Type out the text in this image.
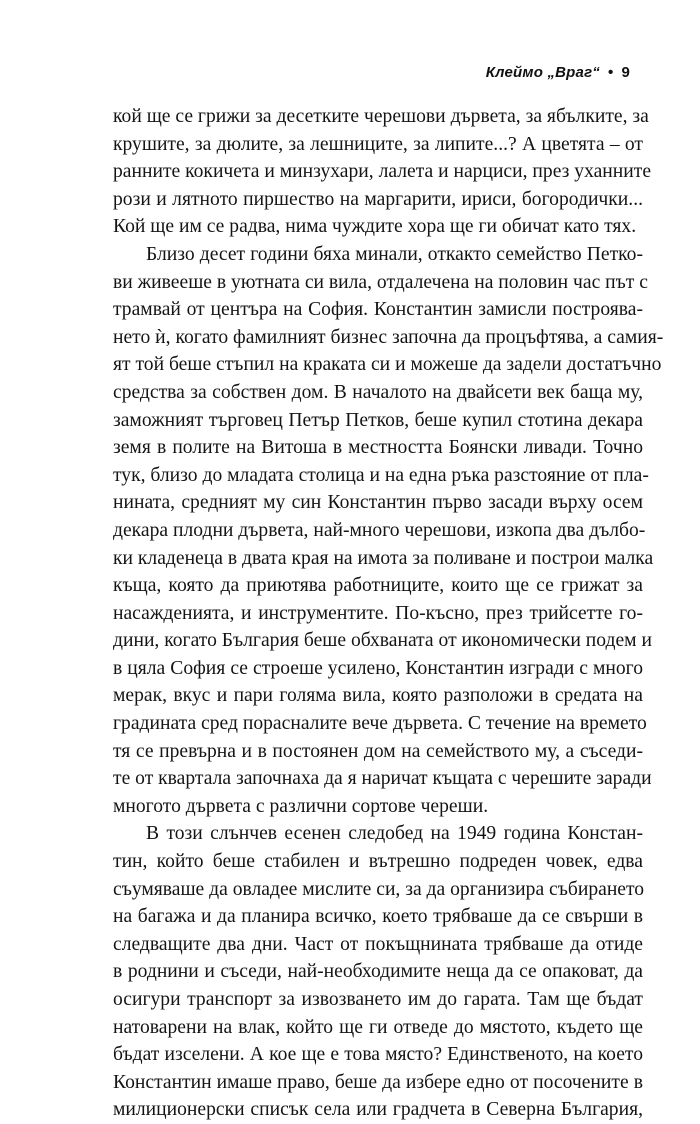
Клеймо „Враг“ • 9
кой ще се грижи за десетките черешови дървета, за ябълките, за
крушите, за дюлите, за лешниците, за липите...? А цветята – от
ранните кокичета и минзухари, лалета и нарциси, през уханните
рози и лятното пиршество на маргарити, ириси, богородички...
Кой ще им се радва, нима чуждите хора ще ги обичат като тях.
Близо десет години бяха минали, откакто семейство Петко-
ви живееше в уютната си вила, отдалечена на половин час път с
трамвай от центъра на София. Константин замисли построява-
нето ѝ, когато фамилният бизнес започна да процъфтява, а самия-
ят той беше стъпил на краката си и можеше да задели достатъчно
средства за собствен дом. В началото на двайсети век баща му,
заможният търговец Петър Петков, беше купил стотина декара
земя в полите на Витоша в местността Боянски ливади. Точно
тук, близо до младата столица и на една ръка разстояние от пла-
нината, средният му син Константин първо засади върху осем
декара плодни дървета, най-много черешови, изкопа два дълбо-
ки кладенеца в двата края на имота за поливане и построи малка
къща, която да приютява работниците, които ще се грижат за
насажденията, и инструментите. По-късно, през трийсетте го-
дини, когато България беше обхваната от икономически подем и
в цяла София се строеше усилено, Константин изгради с много
мерак, вкус и пари голяма вила, която разположи в средата на
градината сред порасналите вече дървета. С течение на времето
тя се превърна и в постоянен дом на семейството му, а съседи-
те от квартала започнаха да я наричат къщата с черешите заради
многото дървета с различни сортове череши.
В този слънчев есенен следобед на 1949 година Констан-
тин, който беше стабилен и вътрешно подреден човек, едва
съумяваше да овладее мислите си, за да организира събирането
на багажа и да планира всичко, което трябваше да се свърши в
следващите два дни. Част от покъщнината трябваше да отиде
в роднини и съседи, най-необходимите неща да се опаковат, да
осигури транспорт за извозването им до гарата. Там ще бъдат
натоварени на влак, който ще ги отведе до мястото, където ще
бъдат изселени. А кое ще е това място? Единственото, на което
Константин имаше право, беше да избере едно от посочените в
милиционерски списък села или градчета в Северна България,
